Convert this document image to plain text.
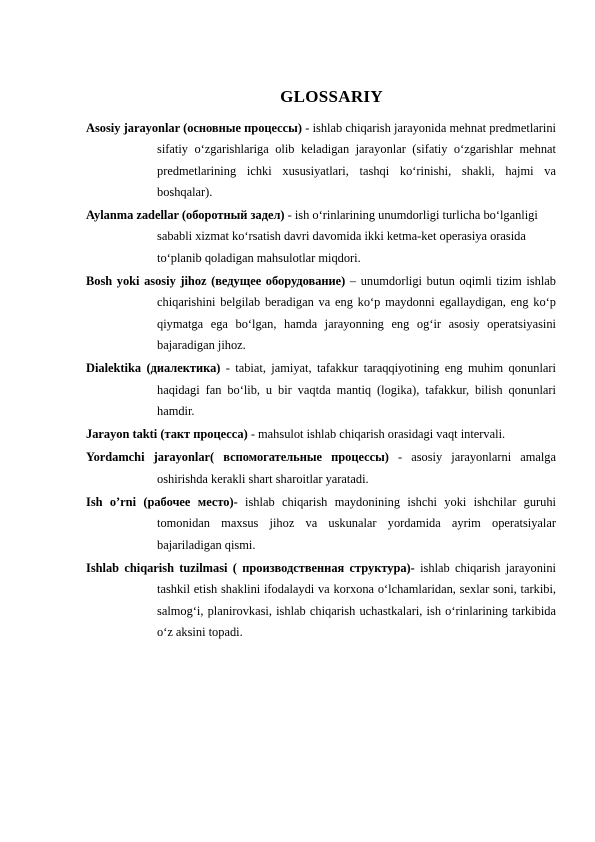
GLOSSARIY

Asosiy jarayonlar (основные процессы) - ishlab chiqarish jarayonida mehnat predmetlarini sifatiy o‘zgarishlariga olib keladigan jarayonlar (sifatiy o‘zgarishlar mehnat predmetlarining ichki xususiyatlari, tashqi ko‘rinishi, shakli, hajmi va boshqalar).

Aylanma zadellar (оборотный задел) - ish o‘rinlarining unumdorligi turlicha bo‘lganligi sababli xizmat ko‘rsatish davri davomida ikki ketma-ket operasiya orasida to‘planib qoladigan mahsulotlar miqdori.

Bosh yoki asosiy jihoz (ведущее оборудование) – unumdorligi butun oqimli tizim ishlab chiqarishini belgilab beradigan va eng ko‘p maydonni egallaydigan, eng ko‘p qiymatga ega bo‘lgan, hamda jarayonning eng og‘ir asosiy operatsiyasini bajaradigan jihoz.

Dialektika (диалектика) - tabiat, jamiyat, tafakkur taraqqiyotining eng muhim qonunlari haqidagi fan bo‘lib, u bir vaqtda mantiq (logika), tafakkur, bilish qonunlari hamdir.

Jarayon takti (такт процесса) - mahsulot ishlab chiqarish orasidagi vaqt intervali.

Yordamchi jarayonlar( вспомогательные процессы) - asosiy jarayonlarni amalga oshirishda kerakli shart sharoitlar yaratadi.

Ish o’rni (рабочее место)- ishlab chiqarish maydonining ishchi yoki ishchilar guruhi tomonidan maxsus jihoz va uskunalar yordamida ayrim operatsiyalar bajariladigan qismi.

Ishlab chiqarish tuzilmasi ( производственная структура)- ishlab chiqarish jarayonini tashkil etish shaklini ifodalaydi va korxona o‘lchamlaridan, sexlar soni, tarkibi, salmog‘i, planirovkasi, ishlab chiqarish uchastkalari, ish o‘rinlarining tarkibida o‘z aksini topadi.
